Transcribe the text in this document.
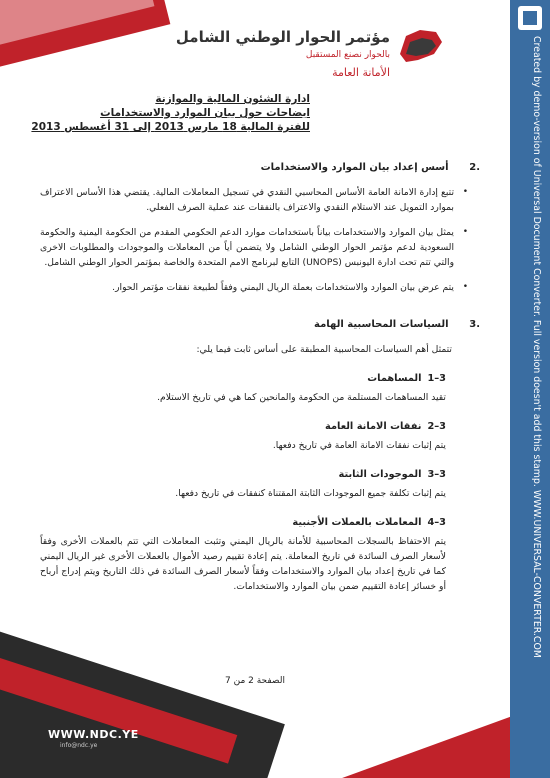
مؤتمر الحوار الوطني الشامل
بالحوار نصنع المستقبل
الأمانة العامة
ادارة الشئون المالية والموازنة
ايضاحات حول بيان الموارد والاستخدامات
للفترة المالية 18 مارس 2013 إلى 31 أغسطس 2013
.2 أسس إعداد بيان الموارد والاستخدامات
•
تتبع إدارة الامانة العامة الأساس المحاسبي النقدي في تسجيل المعاملات المالية. يقتضي هذا الأساس الاعتراف بموارد التمويل عند الاستلام النقدي والاعتراف بالنفقات عند عملية الصرف الفعلي.
•
يمثل بيان الموارد والاستخدامات بياناً باستخدامات موارد الدعم الحكومي المقدم من الحكومة اليمنية والحكومة السعودية لدعم مؤتمر الحوار الوطني الشامل ولا يتضمن أياً من المعاملات والموجودات والمطلوبات الاخرى والتي تتم تحت ادارة اليونبس (UNOPS) التابع لبرنامج الامم المتحدة والخاصة بمؤتمر الحوار الوطني الشامل.
•
يتم عرض بيان الموارد والاستخدامات بعملة الريال اليمني وفقاً لطبيعة نفقات مؤتمر الحوار.
.3 السياسات المحاسبية الهامة
تتمثل أهم السياسات المحاسبية المطبقة على أساس ثابت فيما يلي:
3–1المساهمات
تقيد المساهمات المستلمة من الحكومة والمانحين كما هي في تاريخ الاستلام.
3–2نفقات الامانة العامة
يتم إثبات نفقات الامانة العامة في تاريخ دفعها.
3–3الموجودات الثابتة
يتم إثبات تكلفة جميع الموجودات الثابتة المقتناة كنفقات في تاريخ دفعها.
3–4المعاملات بالعملات الأجنبية
يتم الاحتفاظ بالسجلات المحاسبية للأمانة بالريال اليمني وتثبت المعاملات التي تتم بالعملات الأخرى وفقاً لأسعار الصرف السائدة في تاريخ المعاملة. يتم إعادة تقييم رصيد الأموال بالعملات الأخرى غير الريال اليمني كما في تاريخ إعداد بيان الموارد والاستخدامات وفقاً لأسعار الصرف السائدة في ذلك التاريخ ويتم إدراج أرباح أو خسائر إعادة التقييم ضمن بيان الموارد والاستخدامات.
الصفحة 2 من 7
WWW.NDC.YE
info@ndc.ye
Created by demo-version of Universal Document Converter. Full version doesn't add this stamp. WWW.UNIVERSAL-CONVERTER.COM
